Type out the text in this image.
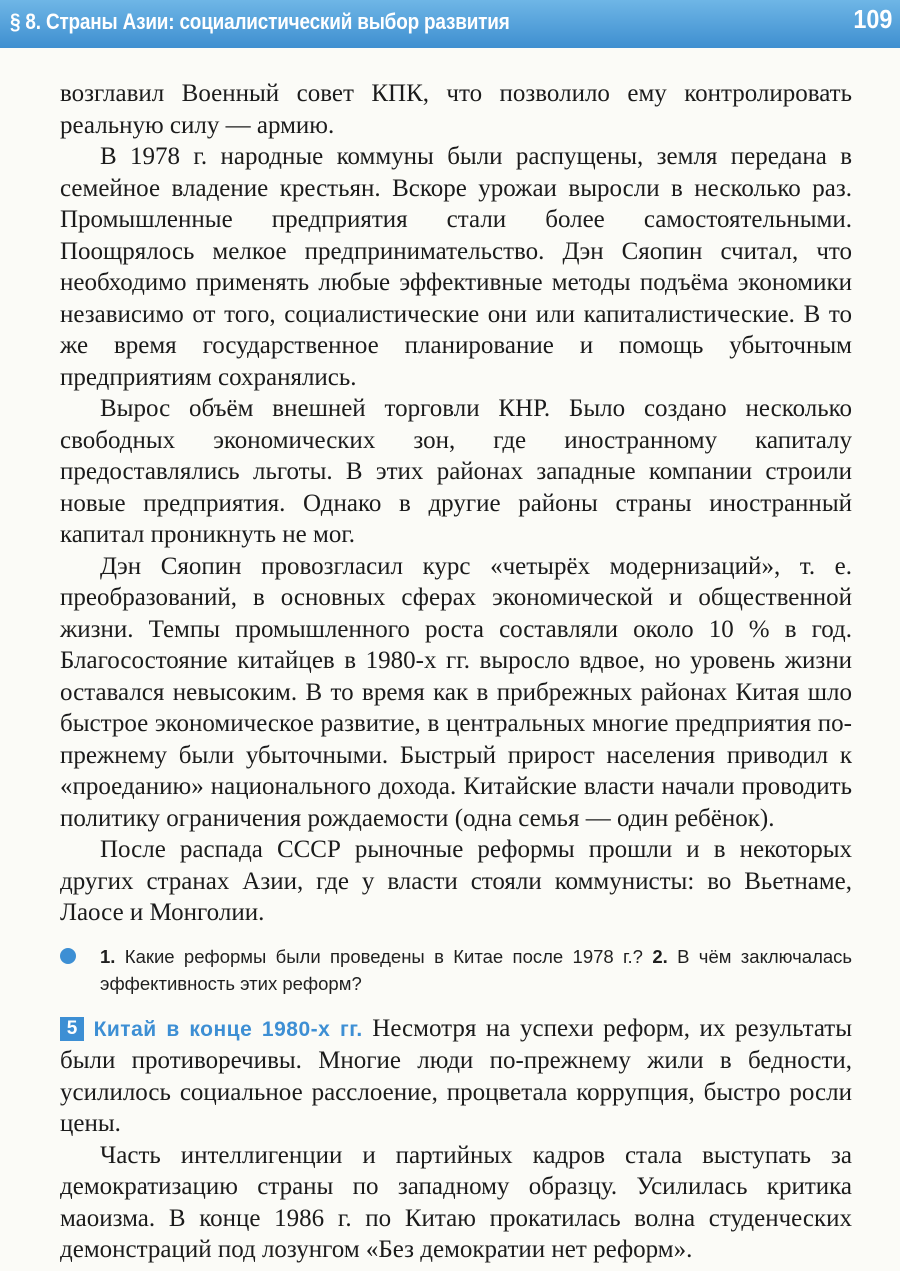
§ 8. Страны Азии: социалистический выбор развития	109

возглавил Военный совет КПК, что позволило ему контролировать реальную силу — армию.

В 1978 г. народные коммуны были распущены, земля передана в семейное владение крестьян. Вскоре урожаи выросли в несколько раз. Промышленные предприятия стали более самостоятельными. Поощрялось мелкое предпринимательство. Дэн Сяопин считал, что необходимо применять любые эффективные методы подъёма экономики независимо от того, социалистические они или капиталистические. В то же время государственное планирование и помощь убыточным предприятиям сохранялись.

Вырос объём внешней торговли КНР. Было создано несколько свободных экономических зон, где иностранному капиталу предоставлялись льготы. В этих районах западные компании строили новые предприятия. Однако в другие районы страны иностранный капитал проникнуть не мог.

Дэн Сяопин провозгласил курс «четырёх модернизаций», т. е. преобразований, в основных сферах экономической и общественной жизни. Темпы промышленного роста составляли около 10 % в год. Благосостояние китайцев в 1980-х гг. выросло вдвое, но уровень жизни оставался невысоким. В то время как в прибрежных районах Китая шло быстрое экономическое развитие, в центральных многие предприятия по-прежнему были убыточными. Быстрый прирост населения приводил к «проеданию» национального дохода. Китайские власти начали проводить политику ограничения рождаемости (одна семья — один ребёнок).

После распада СССР рыночные реформы прошли и в некоторых других странах Азии, где у власти стояли коммунисты: во Вьетнаме, Лаосе и Монголии.

1. Какие реформы были проведены в Китае после 1978 г.? 2. В чём заключалась эффективность этих реформ?

5 Китай в конце 1980-х гг. Несмотря на успехи реформ, их результаты были противоречивы. Многие люди по-прежнему жили в бедности, усилилось социальное расслоение, процветала коррупция, быстро росли цены.

Часть интеллигенции и партийных кадров стала выступать за демократизацию страны по западному образцу. Усилилась критика маоизма. В конце 1986 г. по Китаю прокатилась волна студенческих демонстраций под лозунгом «Без демократии нет реформ».
